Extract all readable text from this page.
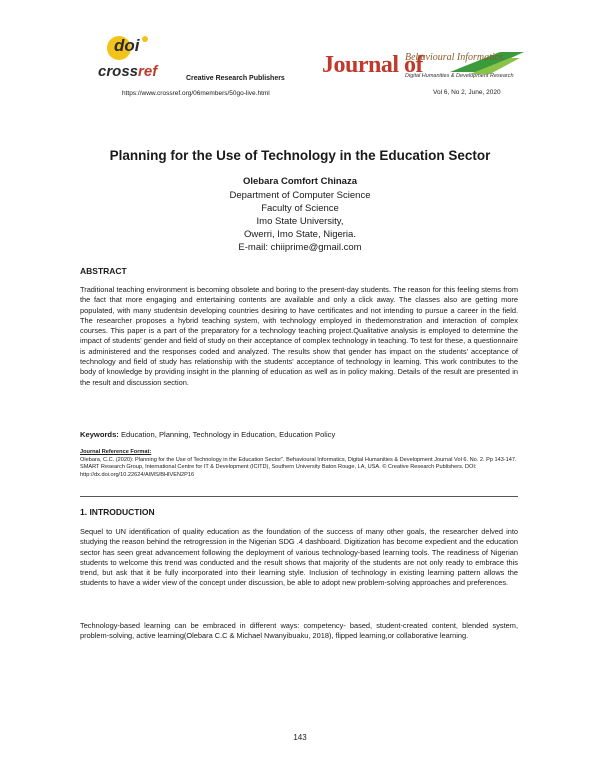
doi
crossref	Creative Research Publishers
https://www.crossref.org/06members/50go-live.html
Journal of
Behavioural Informatics
Digital Humanities & Development Research
Vol 6, No 2, June, 2020
Planning for the Use of Technology in the Education Sector
Olebara Comfort Chinaza
Department of Computer Science
Faculty of Science
Imo State University,
Owerri, Imo State, Nigeria.
E-mail: chiiprime@gmail.com
ABSTRACT
Traditional teaching environment is becoming obsolete and boring to the present-day students. The reason for this feeling stems from the fact that more engaging and entertaining contents are available and only a click away. The classes also are getting more populated, with many studentsin developing countries desiring to have certificates and not intending to pursue a career in the field. The researcher proposes a hybrid teaching system, with technology employed in thedemonstration and interaction of complex courses. This paper is a part of the preparatory for a technology teaching project.Qualitative analysis is employed to determine the impact of students' gender and field of study on their acceptance of complex technology in teaching. To test for these, a questionnaire is administered and the responses coded and analyzed. The results show that gender has impact on the students' acceptance of technology and field of study has relationship with the students' acceptance of technology in learning. This work contributes to the body of knowledge by providing insight in the planning of education as well as in policy making. Details of the result are presented in the result and discussion section.
Keywords: Education, Planning, Technology in Education, Education Policy
Journal Reference Format:
Olebara, C.C. (2020): Planning for the Use of Technology in the Education Sector". Behavioural Informatics, Digital Humanities & Development Journal Vol 6. No. 2. Pp 143-147. SMART Research Group, International Centre for IT & Development (ICITD), Southern University Baton Rouge, LA, USA. © Creative Research Publishers. DOI: http://dx.doi.org/10.22624/AIMS/BHIVEN2P16
1. INTRODUCTION
Sequel to UN identification of quality education as the foundation of the success of many other goals, the researcher delved into studying the reason behind the retrogression in the Nigerian SDG .4 dashboard. Digitization has become expedient and the education sector has seen great advancement following the deployment of various technology-based learning tools. The readiness of Nigerian students to welcome this trend was conducted and the result shows that majority of the students are not only ready to embrace this trend, but ask that it be fully incorporated into their learning style. Inclusion of technology in existing learning pattern allows the students to have a wider view of the concept under discussion, be able to adopt new problem-solving approaches and preferences.
Technology-based learning can be embraced in different ways: competency- based, student-created content, blended system, problem-solving, active learning(Olebara C.C & Michael Nwanyibuaku, 2018), flipped learning,or collaborative learning.
143
